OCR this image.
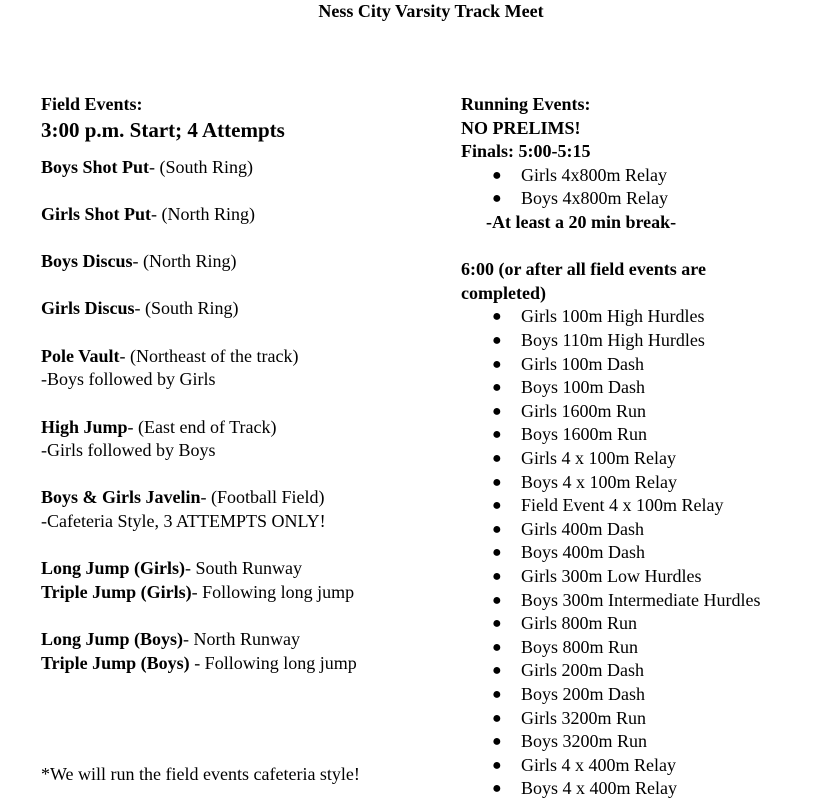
Ness City Varsity Track Meet

Field Events:

3:00 p.m. Start; 4 Attempts

Boys Shot Put- (South Ring)

Girls Shot Put- (North Ring)

Boys Discus- (North Ring)

Girls Discus- (South Ring)

Pole Vault- (Northeast of the track)

-Boys followed by Girls

High Jump- (East end of Track)

-Girls followed by Boys

Boys & Girls Javelin- (Football Field)

-Cafeteria Style, 3 ATTEMPTS ONLY!

Long Jump (Girls)- South Runway

Triple Jump (Girls)- Following long jump

Long Jump (Boys)- North Runway

Triple Jump (Boys) - Following long jump

*We will run the field events cafeteria style!

Running Events:

NO PRELIMS!

Finals: 5:00-5:15

● Girls 4x800m Relay
● Boys 4x800m Relay

-At least a 20 min break-

6:00 (or after all field events are

completed)

● Girls 100m High Hurdles
● Boys 110m High Hurdles
● Girls 100m Dash
● Boys 100m Dash
● Girls 1600m Run
● Boys 1600m Run
● Girls 4 x 100m Relay
● Boys 4 x 100m Relay
● Field Event 4 x 100m Relay
● Girls 400m Dash
● Boys 400m Dash
● Girls 300m Low Hurdles
● Boys 300m Intermediate Hurdles
● Girls 800m Run
● Boys 800m Run
● Girls 200m Dash
● Boys 200m Dash
● Girls 3200m Run
● Boys 3200m Run
● Girls 4 x 400m Relay
● Boys 4 x 400m Relay
